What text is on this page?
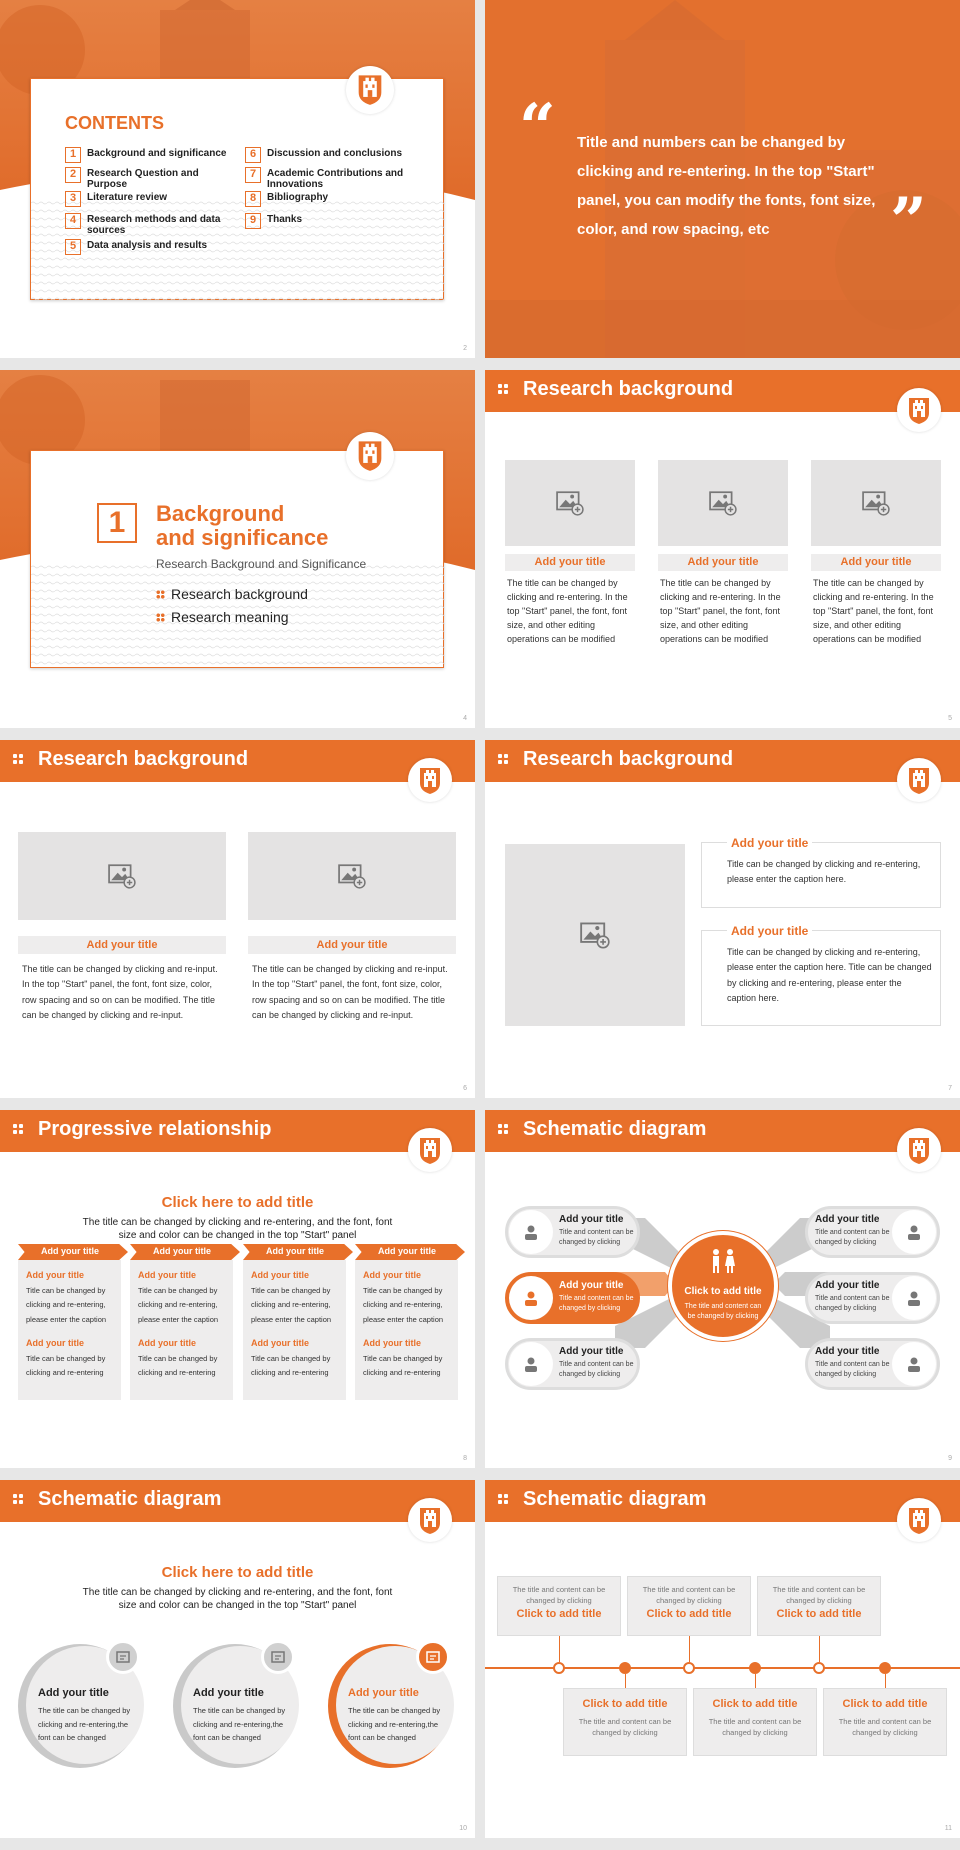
CONTENTS
1	Background and significance
2	Research Question and Purpose
3	Literature review
4	Research methods and data sources
5	Data analysis and results
6	Discussion and conclusions
7	Academic Contributions and Innovations
8	Bibliography
9	Thanks
2
“ Title and numbers can be changed by clicking and re-entering. In the top "Start" panel, you can modify the fonts, font size, color, and row spacing, etc	”
1	Background
and significance
Research Background and Significance
Research background
Research meaning
4
Research background
5
Add your title
The title can be changed by clicking and re-entering. In the top "Start" panel, the font, font size, and other editing operations can be modified
Add your title
The title can be changed by clicking and re-entering. In the top "Start" panel, the font, font size, and other editing operations can be modified
Add your title
The title can be changed by clicking and re-entering. In the top "Start" panel, the font, font size, and other editing operations can be modified
Research background
6
Add your title
The title can be changed by clicking and re-input. In the top "Start" panel, the font, font size, color, row spacing and so on can be modified. The title can be changed by clicking and re-input.
Add your title
The title can be changed by clicking and re-input. In the top "Start" panel, the font, font size, color, row spacing and so on can be modified. The title can be changed by clicking and re-input.
Research background
Add your title
Title can be changed by clicking and re-entering, please enter the caption here.
Add your title
Title can be changed by clicking and re-entering, please enter the caption here. Title can be changed by clicking and re-entering, please enter the caption here.
7
Progressive relationship
Click here to add title
The title can be changed by clicking and re-entering, and the font, font size and color can be changed in the top "Start" panel
8
Add your title
Add your title
Title can be changed by clicking and re-entering, please enter the caption
Add your title
Title can be changed by clicking and re-entering
Add your title
Add your title
Title can be changed by clicking and re-entering, please enter the caption
Add your title
Title can be changed by clicking and re-entering
Add your title
Add your title
Title can be changed by clicking and re-entering, please enter the caption
Add your title
Title can be changed by clicking and re-entering
Add your title
Add your title
Title can be changed by clicking and re-entering, please enter the caption
Add your title
Title can be changed by clicking and re-entering
Schematic diagram
Click to add title
The title and content can be changed by clicking
9
Add your title
Title and content can be changed by clicking
Add your title
Title and content can be changed by clicking
Add your title
Title and content can be changed by clicking
Add your title
Title and content can be changed by clicking
Add your title
Title and content can be changed by clicking
Add your title
Title and content can be changed by clicking
Schematic diagram
Click here to add title
The title can be changed by clicking and re-entering, and the font, font size and color can be changed in the top "Start" panel
10
Add your title
The title can be changed by clicking and re-entering,the font can be changed
Add your title
The title can be changed by clicking and re-entering,the font can be changed
Add your title
The title can be changed by clicking and re-entering,the font can be changed
Schematic diagram
11
The title and content can be changed by clicking
Click to add title
The title and content can be changed by clicking
Click to add title
The title and content can be changed by clicking
Click to add title
Click to add title
The title and content can be changed by clicking
Click to add title
The title and content can be changed by clicking
Click to add title
The title and content can be changed by clicking
